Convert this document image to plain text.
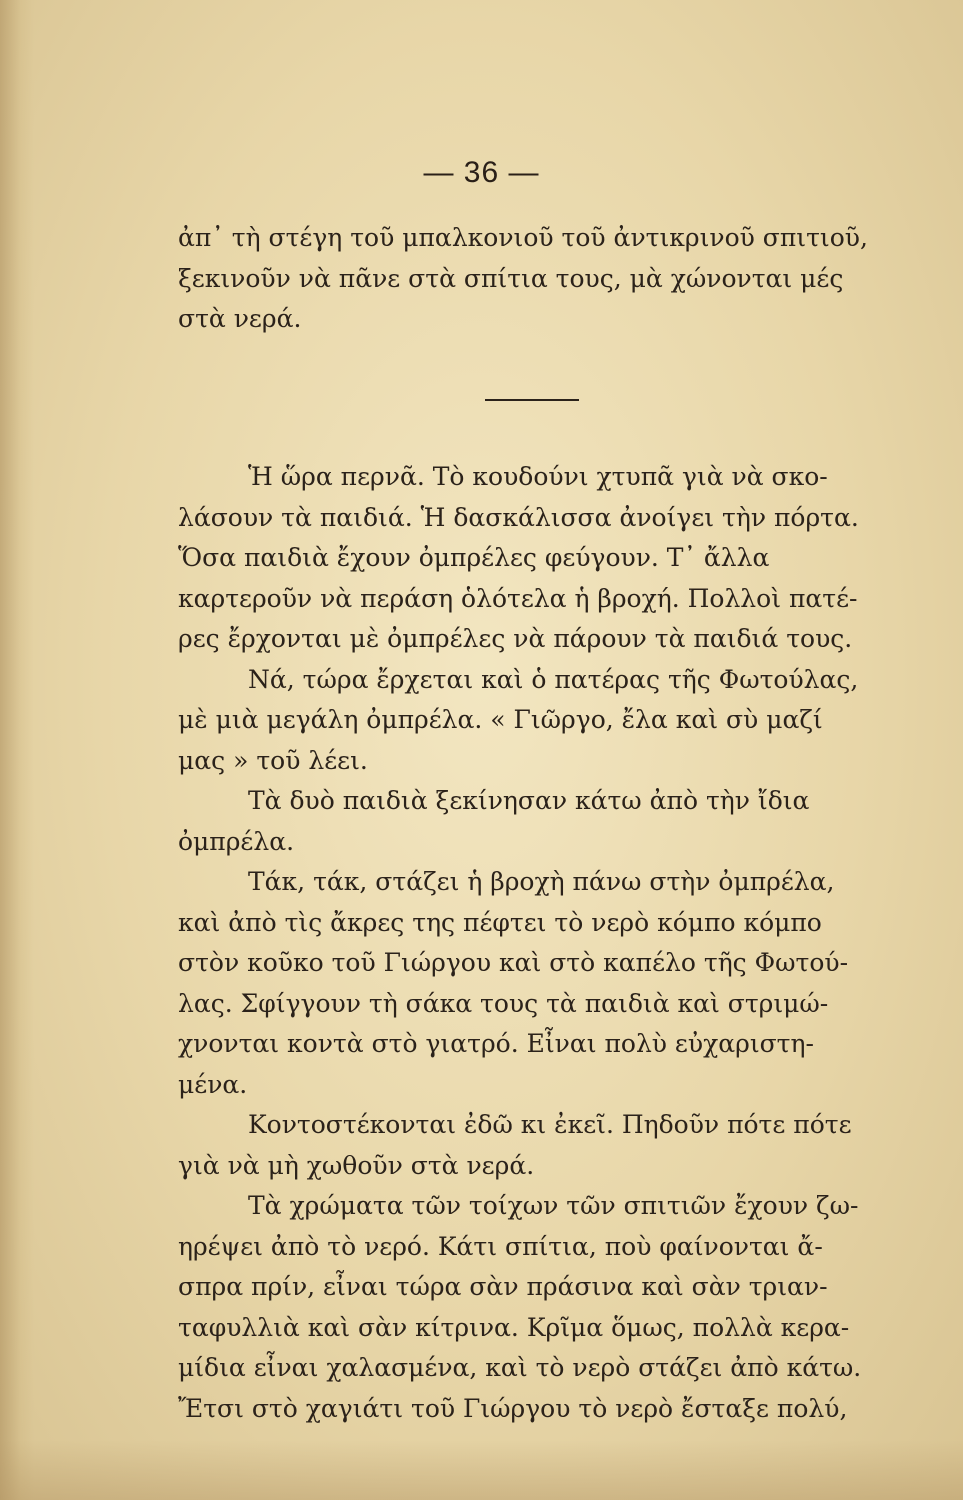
— 36 —
ἀπ᾽ τὴ στέγη τοῦ μπαλκονιοῦ τοῦ ἀντικρινοῦ σπιτιοῦ,
ξεκινοῦν νὰ πᾶνε στὰ σπίτια τους, μὰ χώνονται μές
στὰ νερά.
Ἡ ὥρα περνᾶ. Τὸ κουδούνι χτυπᾶ γιὰ νὰ σκο-
λάσουν τὰ παιδιά. Ἡ δασκάλισσα ἀνοίγει τὴν πόρτα.
Ὅσα παιδιὰ ἔχουν ὀμπρέλες φεύγουν. Τ᾽ ἄλλα
καρτεροῦν νὰ περάση ὁλότελα ἡ βροχή. Πολλοὶ πατέ-
ρες ἔρχονται μὲ ὀμπρέλες νὰ πάρουν τὰ παιδιά τους.
Νά, τώρα ἔρχεται καὶ ὁ πατέρας τῆς Φωτούλας,
μὲ μιὰ μεγάλη ὀμπρέλα. « Γιῶργο, ἔλα καὶ σὺ μαζί
μας » τοῦ λέει.
Τὰ δυὸ παιδιὰ ξεκίνησαν κάτω ἀπὸ τὴν ἴδια
ὀμπρέλα.
Τάκ, τάκ, στάζει ἡ βροχὴ πάνω στὴν ὀμπρέλα,
καὶ ἀπὸ τὶς ἄκρες της πέφτει τὸ νερὸ κόμπο κόμπο
στὸν κοῦκο τοῦ Γιώργου καὶ στὸ καπέλο τῆς Φωτού-
λας. Σφίγγουν τὴ σάκα τους τὰ παιδιὰ καὶ στριμώ-
χνονται κοντὰ στὸ γιατρό. Εἶναι πολὺ εὐχαριστη-
μένα.
Κοντοστέκονται ἐδῶ κι ἐκεῖ. Πηδοῦν πότε πότε
γιὰ νὰ μὴ χωθοῦν στὰ νερά.
Τὰ χρώματα τῶν τοίχων τῶν σπιτιῶν ἔχουν ζω-
ηρέψει ἀπὸ τὸ νερό. Κάτι σπίτια, ποὺ φαίνονται ἄ-
σπρα πρίν, εἶναι τώρα σὰν πράσινα καὶ σὰν τριαν-
ταφυλλιὰ καὶ σὰν κίτρινα. Κρῖμα ὅμως, πολλὰ κερα-
μίδια εἶναι χαλασμένα, καὶ τὸ νερὸ στάζει ἀπὸ κάτω.
Ἔτσι στὸ χαγιάτι τοῦ Γιώργου τὸ νερὸ ἔσταξε πολύ,
